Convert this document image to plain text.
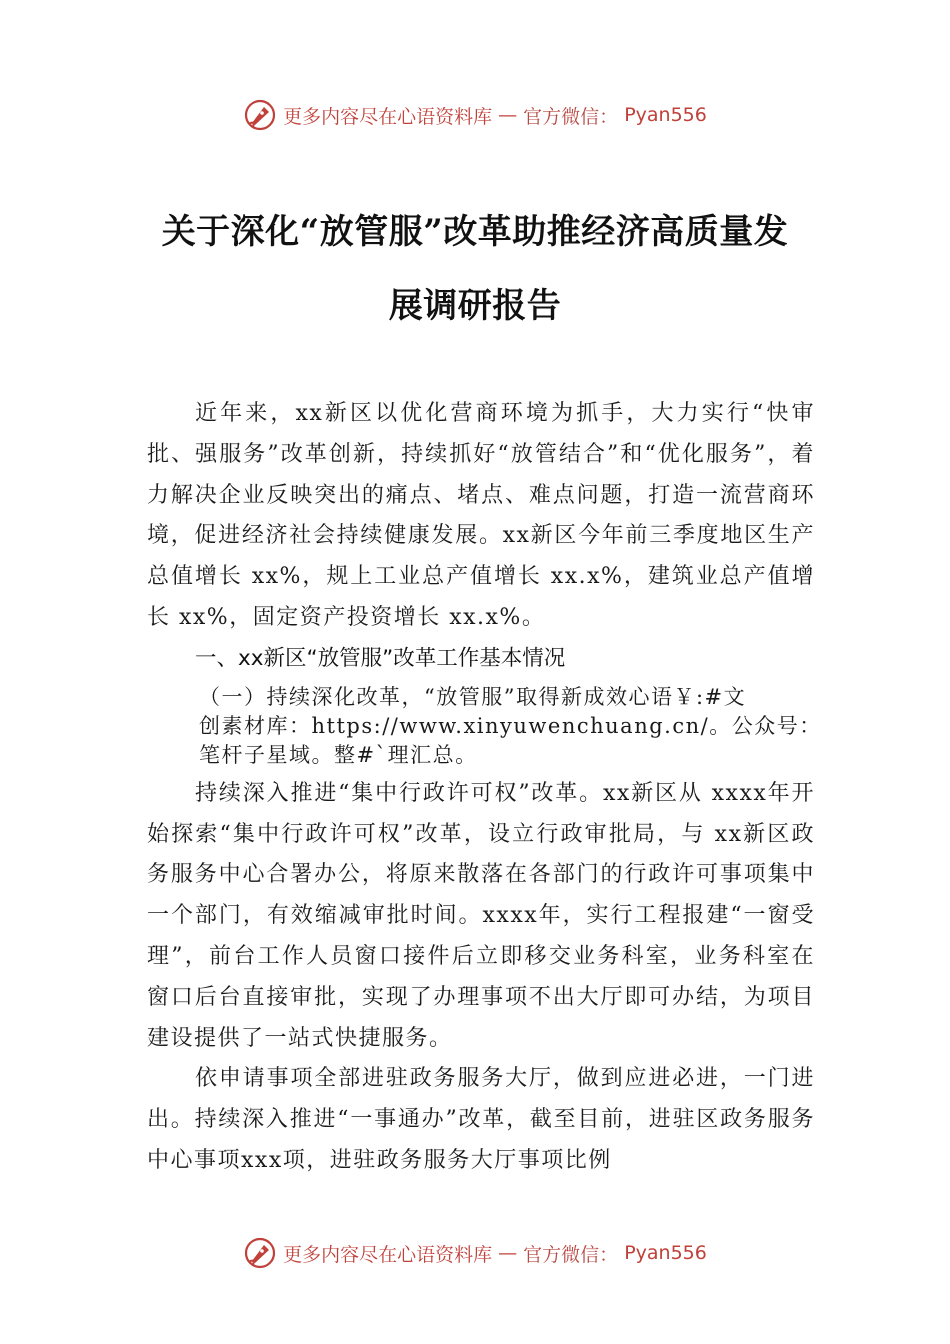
更多内容尽在心语资料库 — 官方微信： Pyan556
关于深化“放管服”改革助推经济高质量发
展调研报告

近年来，xx新区以优化营商环境为抓手，大力实行“快审批、强服务”改革创新，持续抓好“放管结合”和“优化服务”，着力解决企业反映突出的痛点、堵点、难点问题，打造一流营商环境，促进经济社会持续健康发展。xx新区今年前三季度地区生产总值增长 xx%，规上工业总产值增长 xx.x%，建筑业总产值增长 xx%，固定资产投资增长 xx.x%。

一、xx新区“放管服”改革工作基本情况

（一）持续深化改革，“放管服”取得新成效心语￥:#文
创素材库：https://www.xinyuwenchuang.cn/。公众号：
笔杆子星域。整#`理汇总。

持续深入推进“集中行政许可权”改革。xx新区从 xxxx年开始探索“集中行政许可权”改革，设立行政审批局，与 xx新区政务服务中心合署办公，将原来散落在各部门的行政许可事项集中一个部门，有效缩减审批时间。xxxx年，实行工程报建“一窗受理”，前台工作人员窗口接件后立即移交业务科室，业务科室在窗口后台直接审批，实现了办理事项不出大厅即可办结，为项目建设提供了一站式快捷服务。

依申请事项全部进驻政务服务大厅，做到应进必进，一门进出。持续深入推进“一事通办”改革，截至目前，进驻区政务服务中心事项xxx项，进驻政务服务大厅事项比例

更多内容尽在心语资料库 — 官方微信： Pyan556
